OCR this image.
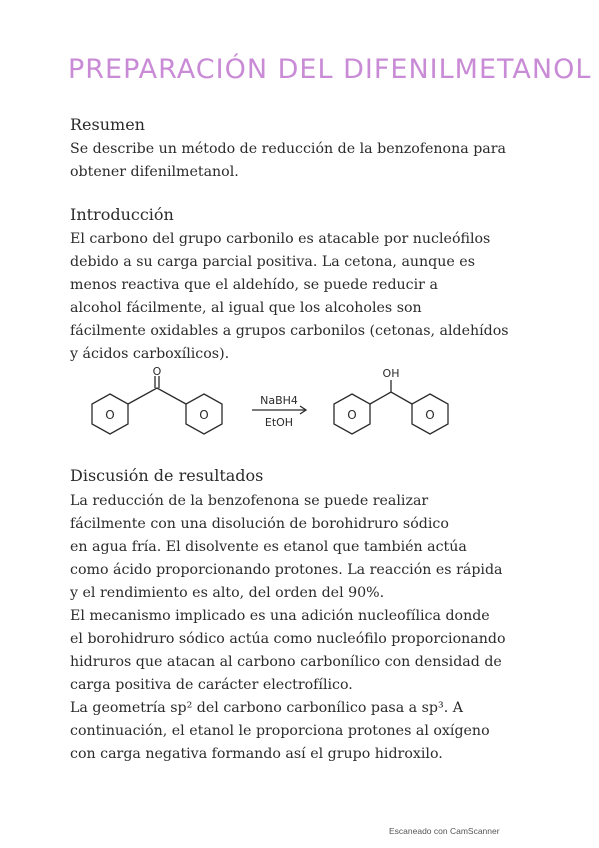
PREPARACIÓN DEL DIFENILMETANOL
Resumen
Se describe un método de reducción de la benzofenona para
obtener difenilmetanol.
Introducción
El carbono del grupo carbonilo es atacable por nucleófilos
debido a su carga parcial positiva. La cetona, aunque es
menos reactiva que el aldehído, se puede reducir a
alcohol fácilmente, al igual que los alcoholes son
fácilmente oxidables a grupos carbonilos (cetonas, aldehídos
y ácidos carboxílicos).
O
O	O	O	O
NaBH4
EtOH
OH
Discusión de resultados
La reducción de la benzofenona se puede realizar
fácilmente con una disolución de borohidruro sódico
en agua fría. El disolvente es etanol que también actúa
como ácido proporcionando protones. La reacción es rápida
y el rendimiento es alto, del orden del 90%.
El mecanismo implicado es una adición nucleofílica donde
el borohidruro sódico actúa como nucleófilo proporcionando
hidruros que atacan al carbono carbonílico con densidad de
carga positiva de carácter electrofílico.
La geometría sp² del carbono carbonílico pasa a sp³. A
continuación, el etanol le proporciona protones al oxígeno
con carga negativa formando así el grupo hidroxilo.
Escaneado con CamScanner
